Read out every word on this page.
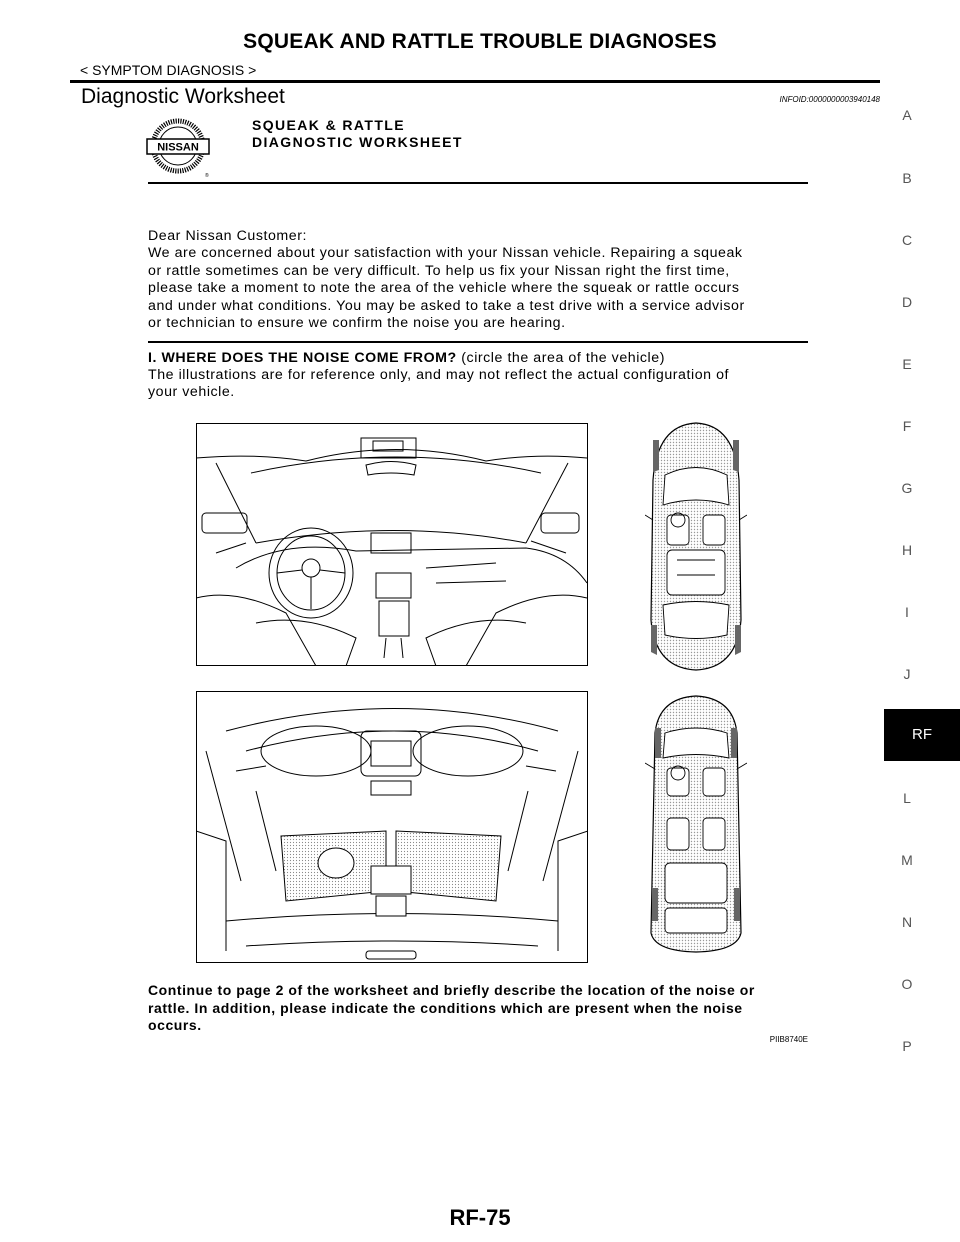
SQUEAK AND RATTLE TROUBLE DIAGNOSES
< SYMPTOM DIAGNOSIS >
Diagnostic Worksheet	INFOID:0000000003940148
NISSAN
®
SQUEAK & RATTLE
DIAGNOSTIC WORKSHEET
Dear Nissan Customer:
We are concerned about your satisfaction with your Nissan vehicle. Repairing a squeak
or rattle sometimes can be very difficult. To help us fix your Nissan right the first time,
please take a moment to note the area of the vehicle where the squeak or rattle occurs
and under what conditions. You may be asked to take a test drive with a service advisor
or technician to ensure we confirm the noise you are hearing.
I. WHERE DOES THE NOISE COME FROM? (circle the area of the vehicle)
The illustrations are for reference only, and may not reflect the actual configuration of
your vehicle.
Continue to page 2 of the worksheet and briefly describe the location of the noise or
rattle. In addition, please indicate the conditions which are present when the noise
occurs.
PIIB8740E
A
B
C
D
E
F
G
H
I
J
RF
L
M
N
O
P
RF-75
